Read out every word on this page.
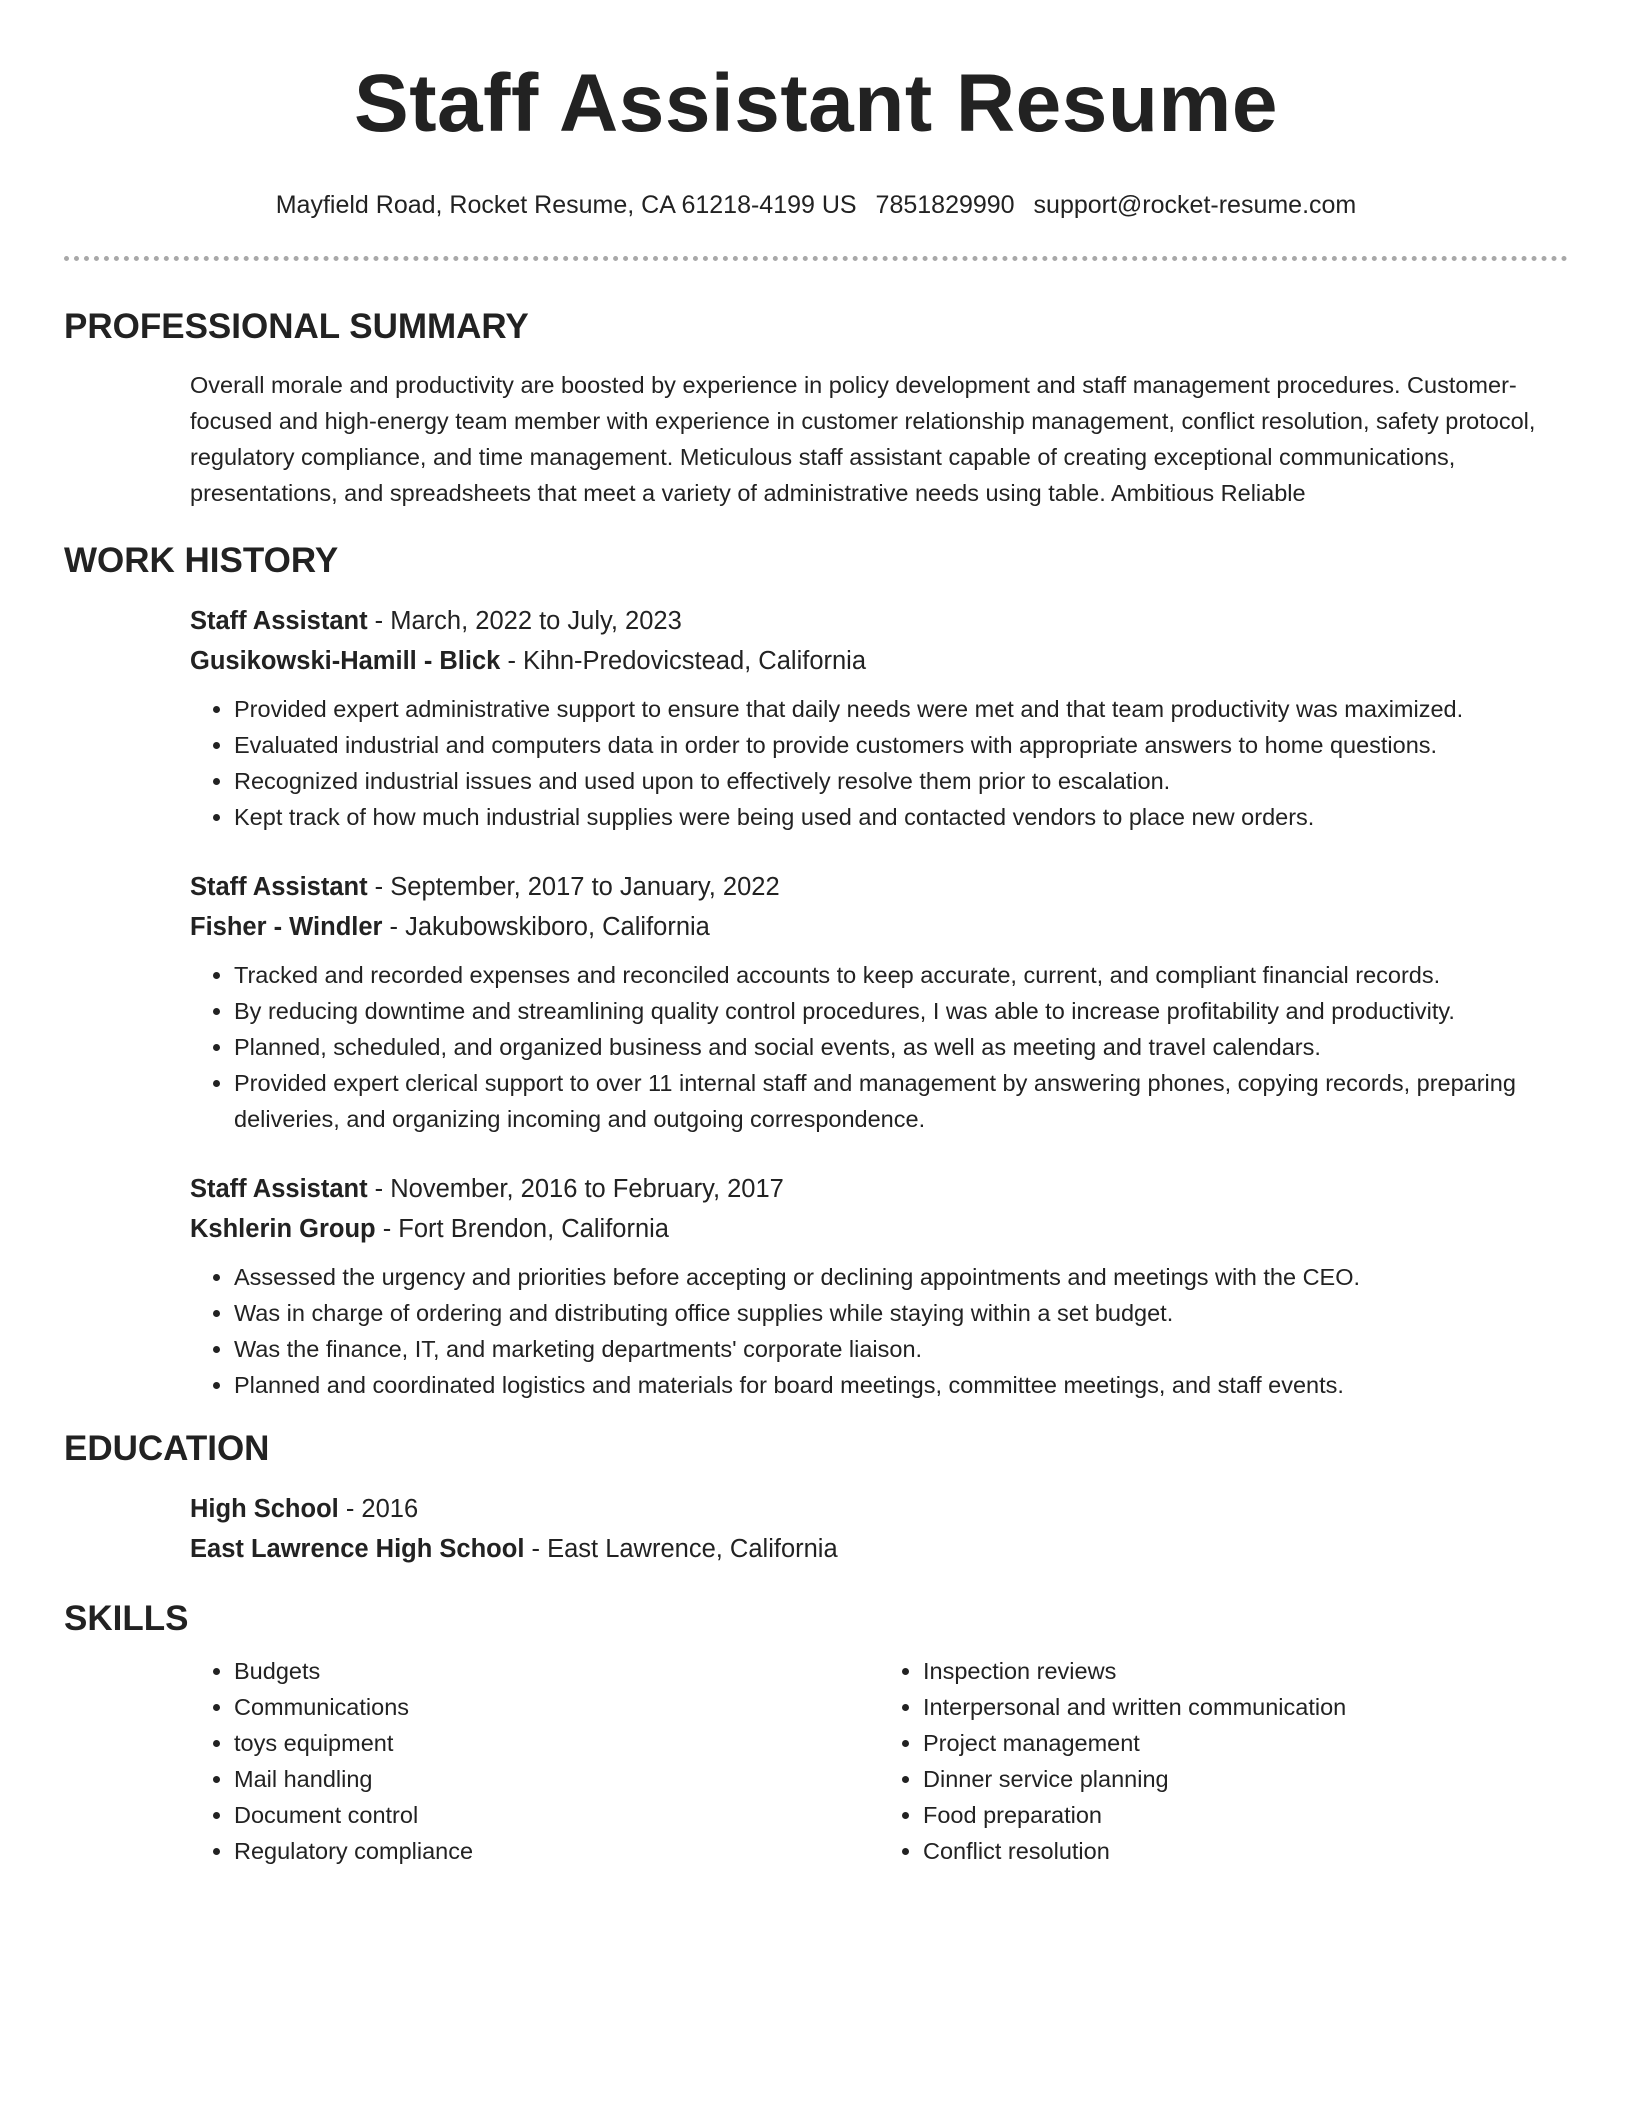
Staff Assistant Resume
Mayfield Road, Rocket Resume, CA 61218-4199 US 7851829990 support@rocket-resume.com
PROFESSIONAL SUMMARY

Overall morale and productivity are boosted by experience in policy development and staff management procedures. Customer-focused and high-energy team member with experience in customer relationship management, conflict resolution, safety protocol, regulatory compliance, and time management. Meticulous staff assistant capable of creating exceptional communications, presentations, and spreadsheets that meet a variety of administrative needs using table. Ambitious Reliable

WORK HISTORY
Staff Assistant - March, 2022 to July, 2023
Gusikowski-Hamill - Blick - Kihn-Predovicstead, California
• Provided expert administrative support to ensure that daily needs were met and that team productivity was maximized.
• Evaluated industrial and computers data in order to provide customers with appropriate answers to home questions.
• Recognized industrial issues and used upon to effectively resolve them prior to escalation.
• Kept track of how much industrial supplies were being used and contacted vendors to place new orders.
Staff Assistant - September, 2017 to January, 2022
Fisher - Windler - Jakubowskiboro, California
• Tracked and recorded expenses and reconciled accounts to keep accurate, current, and compliant financial records.
• By reducing downtime and streamlining quality control procedures, I was able to increase profitability and productivity.
• Planned, scheduled, and organized business and social events, as well as meeting and travel calendars.
• Provided expert clerical support to over 11 internal staff and management by answering phones, copying records, preparing deliveries, and organizing incoming and outgoing correspondence.
Staff Assistant - November, 2016 to February, 2017
Kshlerin Group - Fort Brendon, California
• Assessed the urgency and priorities before accepting or declining appointments and meetings with the CEO.
• Was in charge of ordering and distributing office supplies while staying within a set budget.
• Was the finance, IT, and marketing departments' corporate liaison.
• Planned and coordinated logistics and materials for board meetings, committee meetings, and staff events.
EDUCATION
High School - 2016
East Lawrence High School - East Lawrence, California
SKILLS
• Budgets
• Communications
• toys equipment
• Mail handling
• Document control
• Regulatory compliance
• Inspection reviews
• Interpersonal and written communication
• Project management
• Dinner service planning
• Food preparation
• Conflict resolution
